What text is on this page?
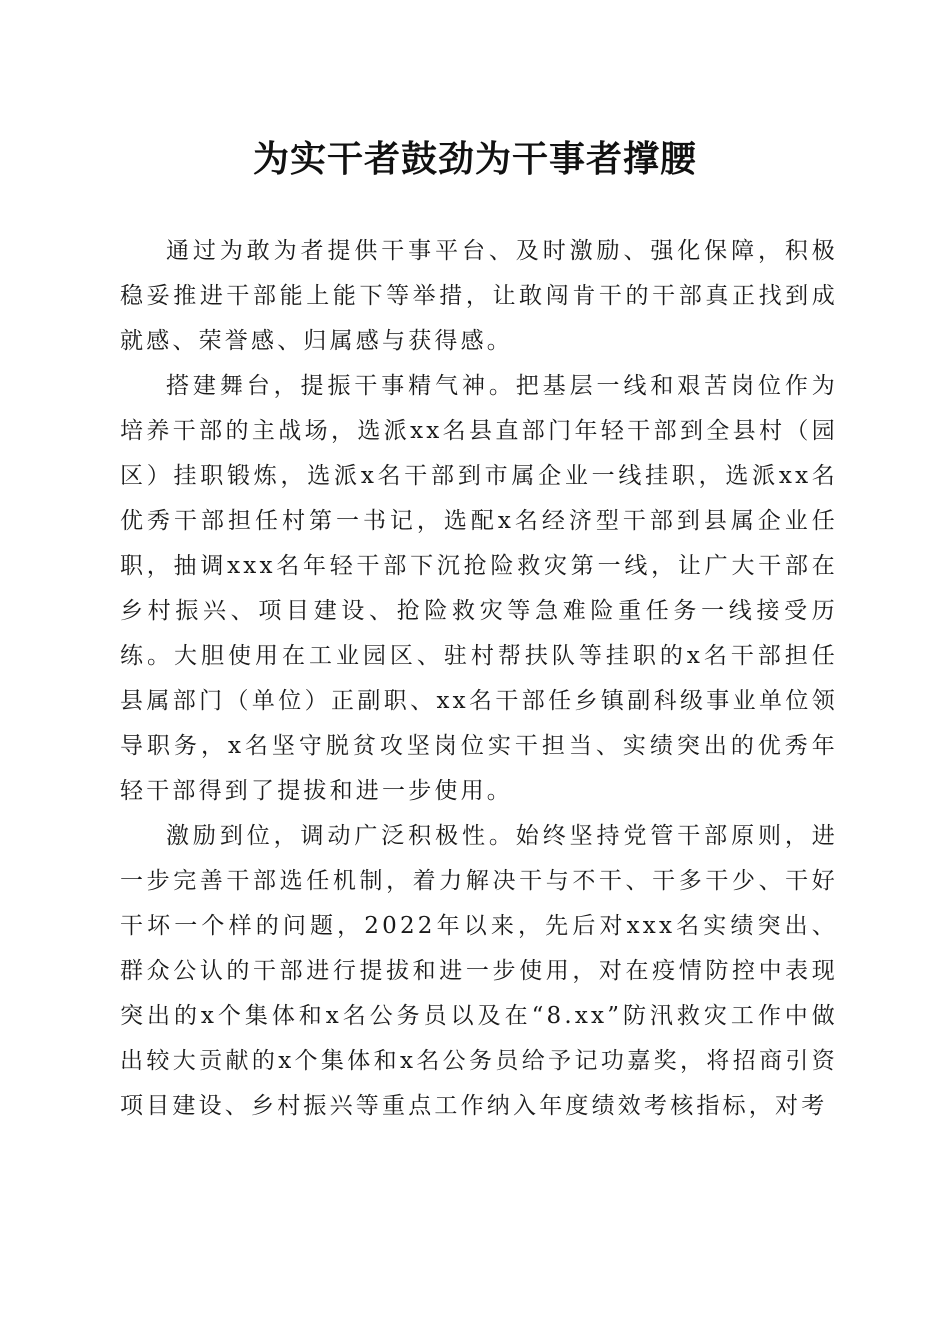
为实干者鼓劲为干事者撑腰

通过为敢为者提供干事平台、及时激励、强化保障，积极稳妥推进干部能上能下等举措，让敢闯肯干的干部真正找到成就感、荣誉感、归属感与获得感。

搭建舞台，提振干事精气神。把基层一线和艰苦岗位作为培养干部的主战场，选派xx名县直部门年轻干部到全县村（园区）挂职锻炼，选派x名干部到市属企业一线挂职，选派xx名优秀干部担任村第一书记，选配x名经济型干部到县属企业任职，抽调xxx名年轻干部下沉抢险救灾第一线，让广大干部在乡村振兴、项目建设、抢险救灾等急难险重任务一线接受历练。大胆使用在工业园区、驻村帮扶队等挂职的x名干部担任县属部门（单位）正副职、xx名干部任乡镇副科级事业单位领导职务，x名坚守脱贫攻坚岗位实干担当、实绩突出的优秀年轻干部得到了提拔和进一步使用。

激励到位，调动广泛积极性。始终坚持党管干部原则，进一步完善干部选任机制，着力解决干与不干、干多干少、干好干坏一个样的问题，2022年以来，先后对xxx名实绩突出、群众公认的干部进行提拔和进一步使用，对在疫情防控中表现突出的x个集体和x名公务员以及在“8.xx”防汛救灾工作中做出较大贡献的x个集体和x名公务员给予记功嘉奖，将招商引资项目建设、乡村振兴等重点工作纳入年度绩效考核指标，对考
